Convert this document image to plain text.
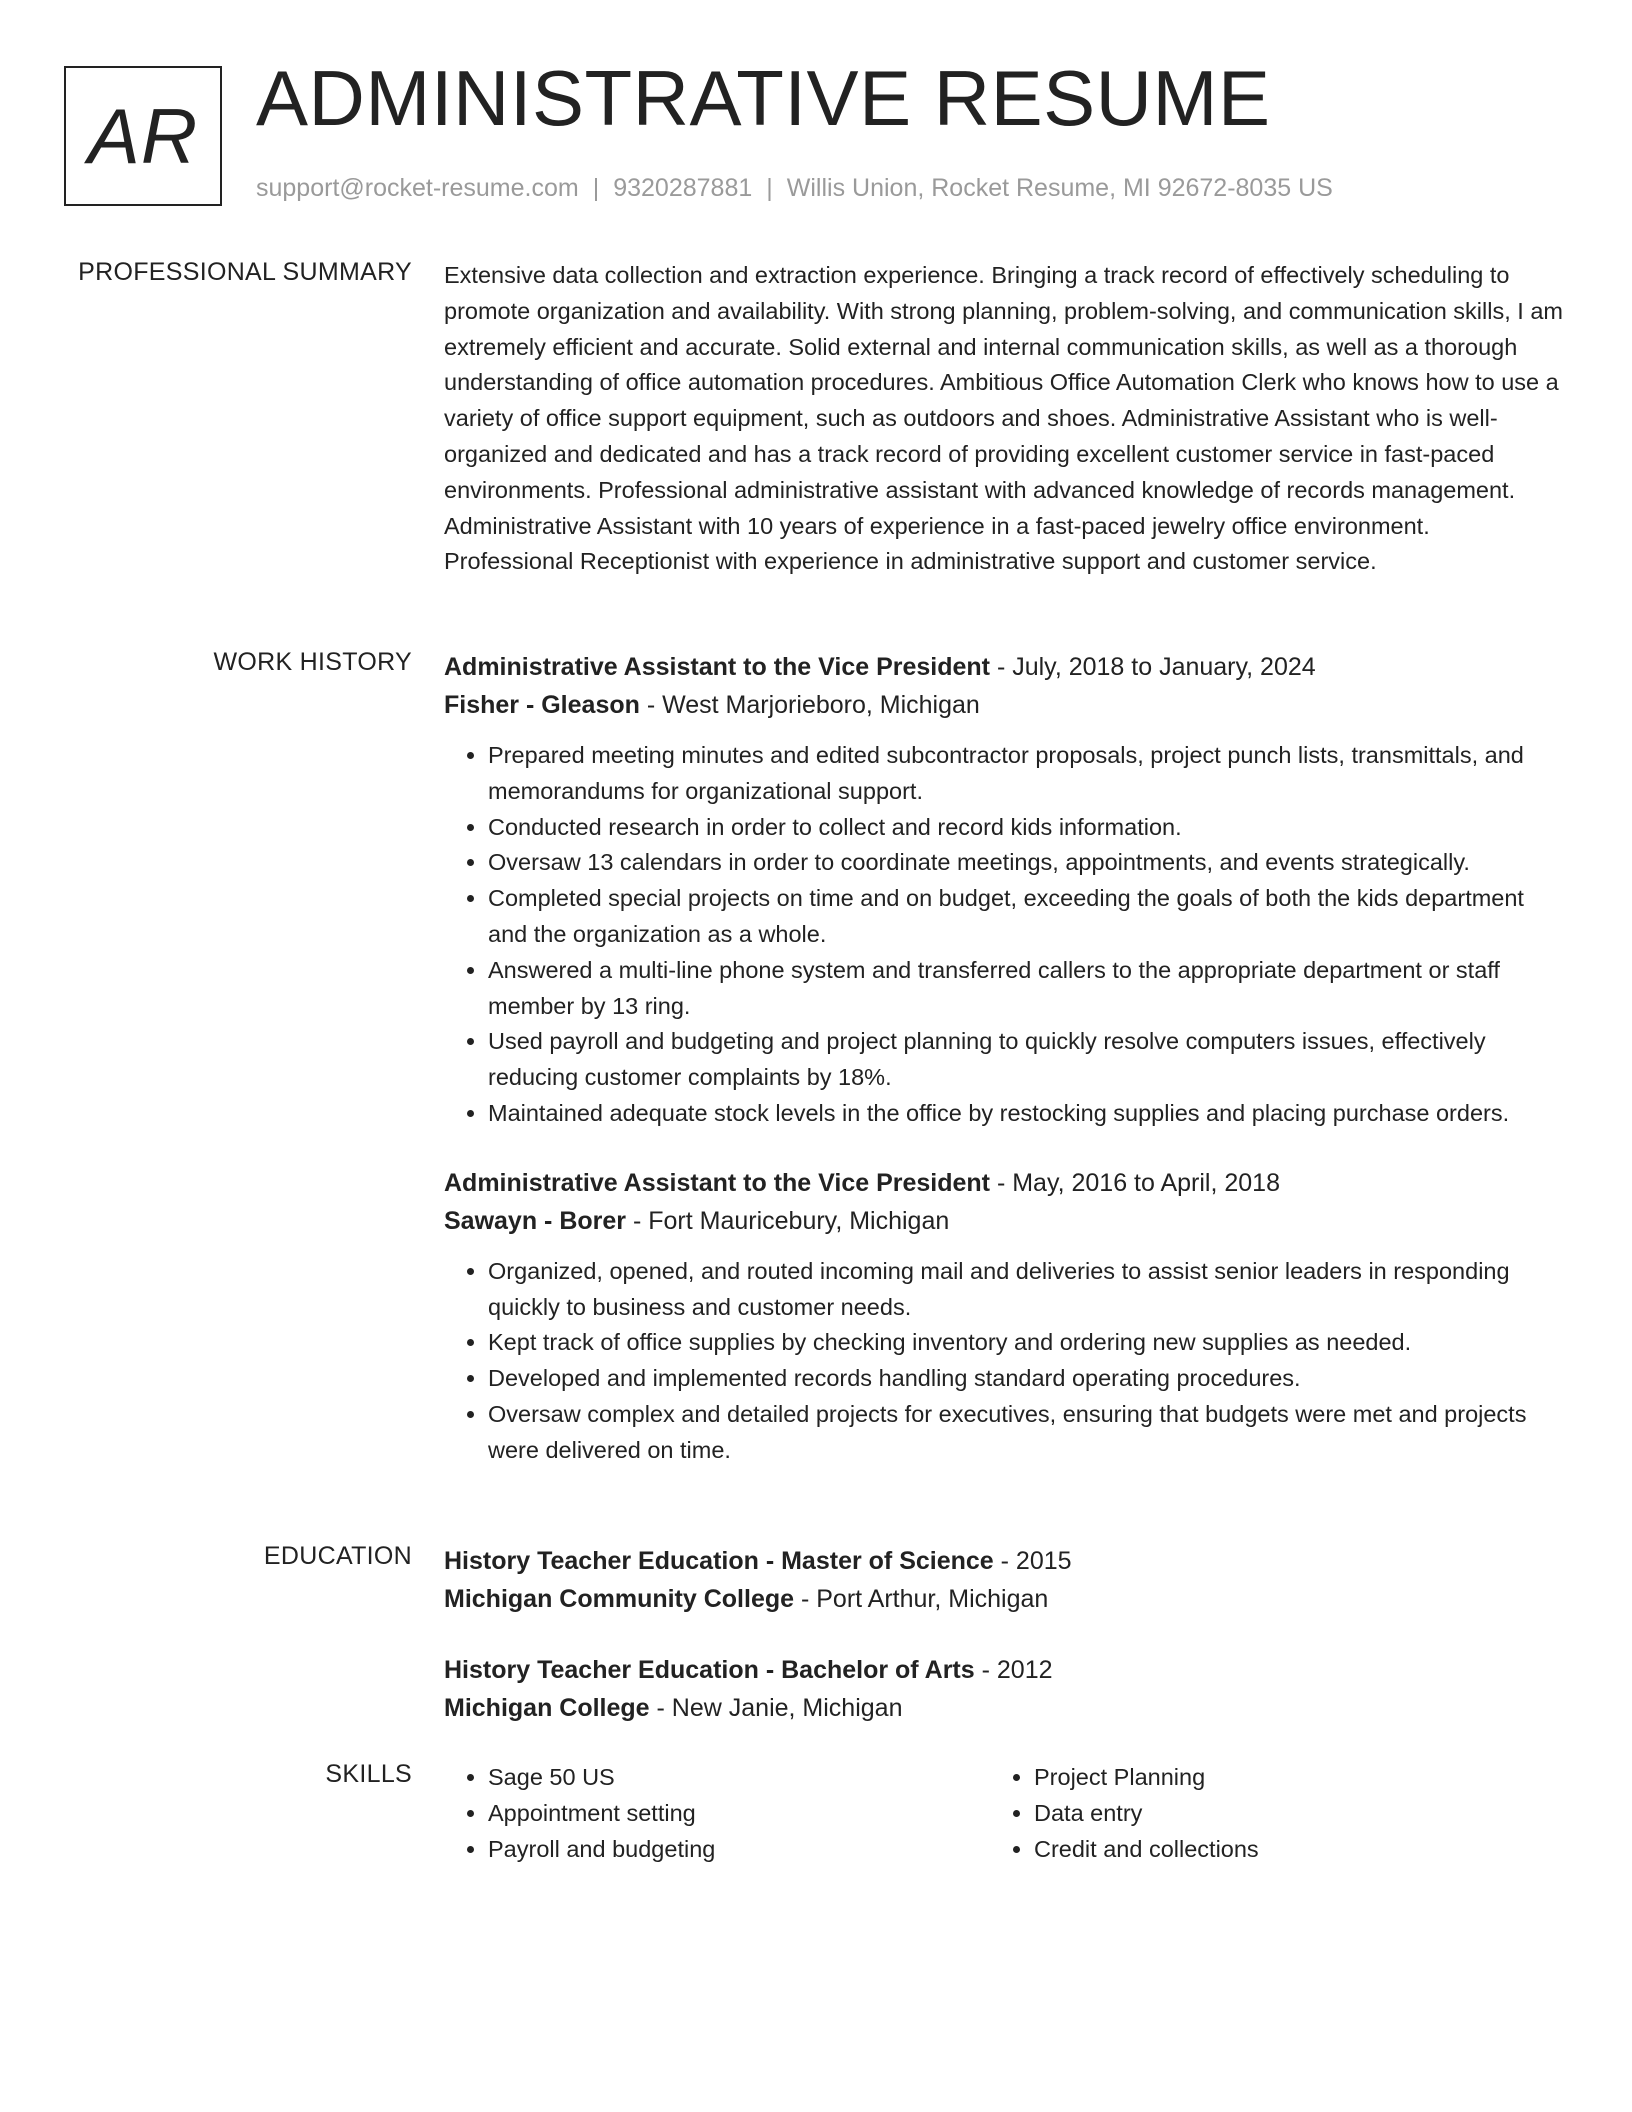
AR ADMINISTRATIVE RESUME
support@rocket-resume.com | 9320287881 | Willis Union, Rocket Resume, MI 92672-8035 US
PROFESSIONAL SUMMARY Extensive data collection and extraction experience. Bringing a track record of effectively scheduling to promote organization and availability. With strong planning, problem-solving, and communication skills, I am extremely efficient and accurate. Solid external and internal communication skills, as well as a thorough understanding of office automation procedures. Ambitious Office Automation Clerk who knows how to use a variety of office support equipment, such as outdoors and shoes. Administrative Assistant who is well-organized and dedicated and has a track record of providing excellent customer service in fast-paced environments. Professional administrative assistant with advanced knowledge of records management. Administrative Assistant with 10 years of experience in a fast-paced jewelry office environment. Professional Receptionist with experience in administrative support and customer service.

WORK HISTORY Administrative Assistant to the Vice President - July, 2018 to January, 2024
Fisher - Gleason - West Marjorieboro, Michigan
• Prepared meeting minutes and edited subcontractor proposals, project punch lists, transmittals, and memorandums for organizational support.
• Conducted research in order to collect and record kids information.
• Oversaw 13 calendars in order to coordinate meetings, appointments, and events strategically.
• Completed special projects on time and on budget, exceeding the goals of both the kids department and the organization as a whole.
• Answered a multi-line phone system and transferred callers to the appropriate department or staff member by 13 ring.
• Used payroll and budgeting and project planning to quickly resolve computers issues, effectively reducing customer complaints by 18%.
• Maintained adequate stock levels in the office by restocking supplies and placing purchase orders.
Administrative Assistant to the Vice President - May, 2016 to April, 2018
Sawayn - Borer - Fort Mauricebury, Michigan
• Organized, opened, and routed incoming mail and deliveries to assist senior leaders in responding quickly to business and customer needs.
• Kept track of office supplies by checking inventory and ordering new supplies as needed.
• Developed and implemented records handling standard operating procedures.
• Oversaw complex and detailed projects for executives, ensuring that budgets were met and projects were delivered on time.
EDUCATION History Teacher Education - Master of Science - 2015
Michigan Community College - Port Arthur, Michigan
History Teacher Education - Bachelor of Arts - 2012
Michigan College - New Janie, Michigan
SKILLS
•	Sage 50 US
• Appointment setting
• Payroll and budgeting
• Project Planning
• Data entry
• Credit and collections
